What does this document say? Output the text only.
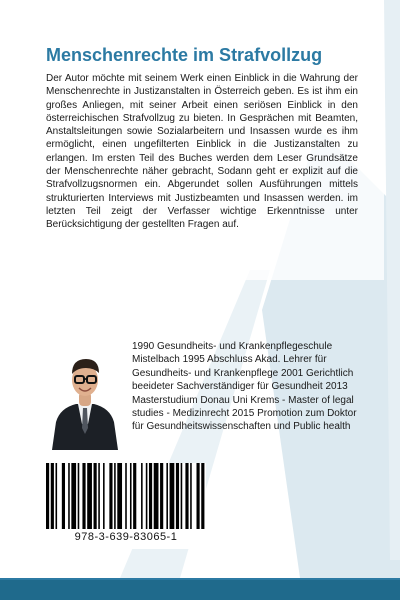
Menschenrechte im Strafvollzug

Der Autor möchte mit seinem Werk einen Einblick in die Wahrung der Menschenrechte in Justizanstalten in Österreich geben. Es ist ihm ein großes Anliegen, mit seiner Arbeit einen seriösen Einblick in den österreichischen Strafvollzug zu bieten. In Gesprächen mit Beamten, Anstaltsleitungen sowie Sozialarbeitern und Insassen wurde es ihm ermöglicht, einen ungefilterten Einblick in die Justizanstalten zu erlangen. Im ersten Teil des Buches werden dem Leser Grundsätze der Menschenrechte näher gebracht, Sodann geht er explizit auf die Strafvollzugsnormen ein. Abgerundet sollen Ausführungen mittels strukturierten Interviews mit Justizbeamten und Insassen werden. im letzten Teil zeigt der Verfasser wichtige Erkenntnisse unter Berücksichtigung der gestellten Fragen auf.

1990 Gesundheits- und Krankenpflegeschule Mistelbach 1995 Abschluss Akad. Lehrer für Gesundheits- und Krankenpflege 2001 Gerichtlich beeideter Sachverständiger für Gesundheit 2013 Masterstudium Donau Uni Krems - Master of legal studies - Medizinrecht 2015 Promotion zum Doktor für Gesundheitswissenschaften und Public health

978-3-639-83065-1
